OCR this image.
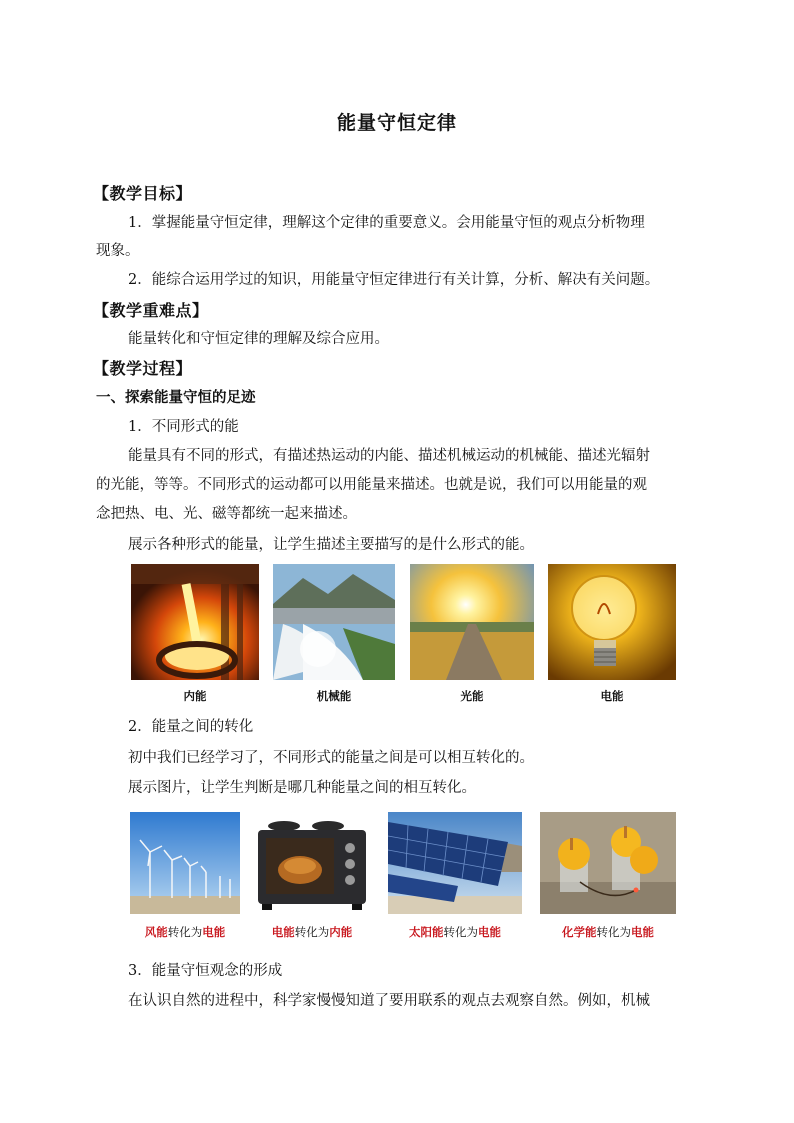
能量守恒定律
【教学目标】
1．掌握能量守恒定律，理解这个定律的重要意义。会用能量守恒的观点分析物理
现象。
2．能综合运用学过的知识，用能量守恒定律进行有关计算，分析、解决有关问题。
【教学重难点】
能量转化和守恒定律的理解及综合应用。
【教学过程】
一、探索能量守恒的足迹
1．不同形式的能
能量具有不同的形式，有描述热运动的内能、描述机械运动的机械能、描述光辐射
的光能，等等。不同形式的运动都可以用能量来描述。也就是说，我们可以用能量的观
念把热、电、光、磁等都统一起来描述。
展示各种形式的能量，让学生描述主要描写的是什么形式的能。
内能	机械能	光能	电能
2．能量之间的转化
初中我们已经学习了，不同形式的能量之间是可以相互转化的。
展示图片，让学生判断是哪几种能量之间的相互转化。
风能转化为电能	电能转化为内能	太阳能转化为电能	化学能转化为电能
3．能量守恒观念的形成
在认识自然的进程中，科学家慢慢知道了要用联系的观点去观察自然。例如，机械
